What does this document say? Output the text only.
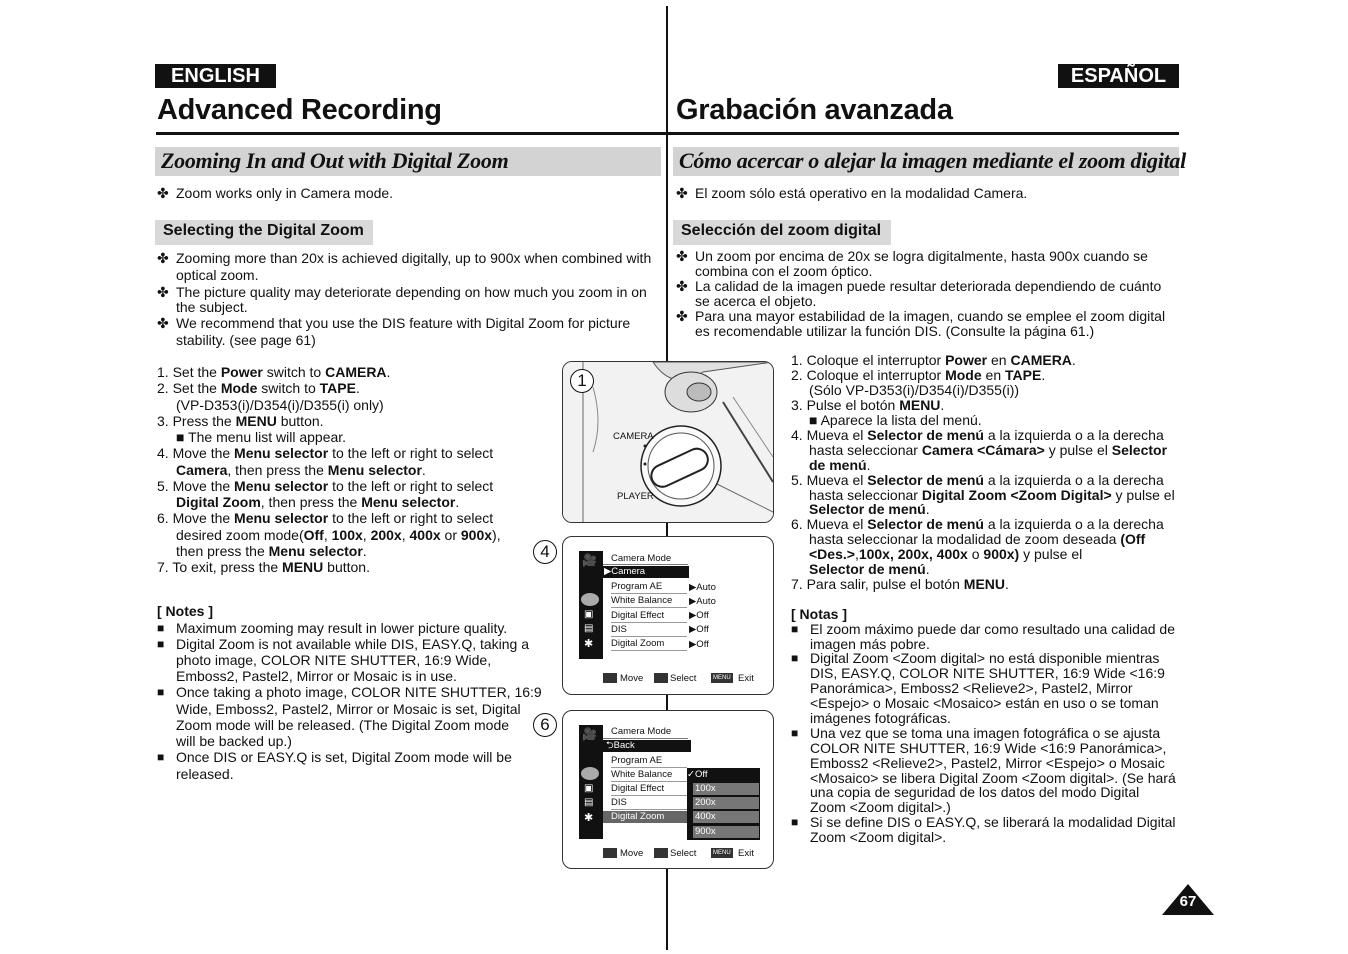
ENGLISH
Advanced Recording
Zooming In and Out with Digital Zoom
✤ Zoom works only in Camera mode.
Selecting the Digital Zoom
✤ Zooming more than 20x is achieved digitally, up to 900x when combined with
optical zoom.
✤ The picture quality may deteriorate depending on how much you zoom in on
the subject.
✤ We recommend that you use the DIS feature with Digital Zoom for picture
stability. (see page 61)
1. Set the Power switch to CAMERA.
2. Set the Mode switch to TAPE.
(VP-D353(i)/D354(i)/D355(i) only)
3. Press the MENU button.
■ The menu list will appear.
4. Move the Menu selector to the left or right to select
Camera, then press the Menu selector.
5. Move the Menu selector to the left or right to select
Digital Zoom, then press the Menu selector.
6. Move the Menu selector to the left or right to select
desired zoom mode(Off, 100x, 200x, 400x or 900x),
then press the Menu selector.
7. To exit, press the MENU button.
[ Notes ]
■ Maximum zooming may result in lower picture quality.
■ Digital Zoom is not available while DIS, EASY.Q, taking a
photo image, COLOR NITE SHUTTER, 16:9 Wide,
Emboss2, Pastel2, Mirror or Mosaic is in use.
■ Once taking a photo image, COLOR NITE SHUTTER, 16:9
Wide, Emboss2, Pastel2, Mirror or Mosaic is set, Digital
Zoom mode will be released. (The Digital Zoom mode
will be backed up.)
■ Once DIS or EASY.Q is set, Digital Zoom mode will be
released.
1
CAMERA
PLAYER
4	🎥
▣
▤
✱
Camera Mode
▶Camera
Program AE
White Balance
Digital Effect
DIS
Digital Zoom
▶Auto
▶Auto
▶Off
▶Off
▶Off
Move	Select	MENU Exit
6	🎥
▣
▤
✱
Camera Mode
⮌Back
Program AE
White Balance
Digital Effect
DIS
Digital Zoom
✓Off
100x
200x
400x
900x
Move	Select	MENU Exit
ESPAÑOL
Grabación avanzada
Cómo acercar o alejar la imagen mediante el zoom digital
✤ El zoom sólo está operativo en la modalidad Camera.
Selección del zoom digital
✤ Un zoom por encima de 20x se logra digitalmente, hasta 900x cuando se
combina con el zoom óptico.
✤ La calidad de la imagen puede resultar deteriorada dependiendo de cuánto
se acerca el objeto.
✤ Para una mayor estabilidad de la imagen, cuando se emplee el zoom digital
es recomendable utilizar la función DIS. (Consulte la página 61.)
1. Coloque el interruptor Power en CAMERA.
2. Coloque el interruptor Mode en TAPE.
(Sólo VP-D353(i)/D354(i)/D355(i))
3. Pulse el botón MENU.
■ Aparece la lista del menú.
4. Mueva el Selector de menú a la izquierda o a la derecha
hasta seleccionar Camera <Cámara> y pulse el Selector
de menú.
5. Mueva el Selector de menú a la izquierda o a la derecha
hasta seleccionar Digital Zoom <Zoom Digital> y pulse el
Selector de menú.
6. Mueva el Selector de menú a la izquierda o a la derecha
hasta seleccionar la modalidad de zoom deseada (Off
<Des.>,100x, 200x, 400x o 900x) y pulse el
Selector de menú.
7. Para salir, pulse el botón MENU.
[ Notas ]
■ El zoom máximo puede dar como resultado una calidad de
imagen más pobre.
■ Digital Zoom <Zoom digital> no está disponible mientras
DIS, EASY.Q, COLOR NITE SHUTTER, 16:9 Wide <16:9
Panorámica>, Emboss2 <Relieve2>, Pastel2, Mirror
<Espejo> o Mosaic <Mosaico> están en uso o se toman
imágenes fotográficas.
■ Una vez que se toma una imagen fotográfica o se ajusta
COLOR NITE SHUTTER, 16:9 Wide <16:9 Panorámica>,
Emboss2 <Relieve2>, Pastel2, Mirror <Espejo> o Mosaic
<Mosaico> se libera Digital Zoom <Zoom digital>. (Se hará
una copia de seguridad de los datos del modo Digital
Zoom <Zoom digital>.)
■ Si se define DIS o EASY.Q, se liberará la modalidad Digital
Zoom <Zoom digital>.
67
